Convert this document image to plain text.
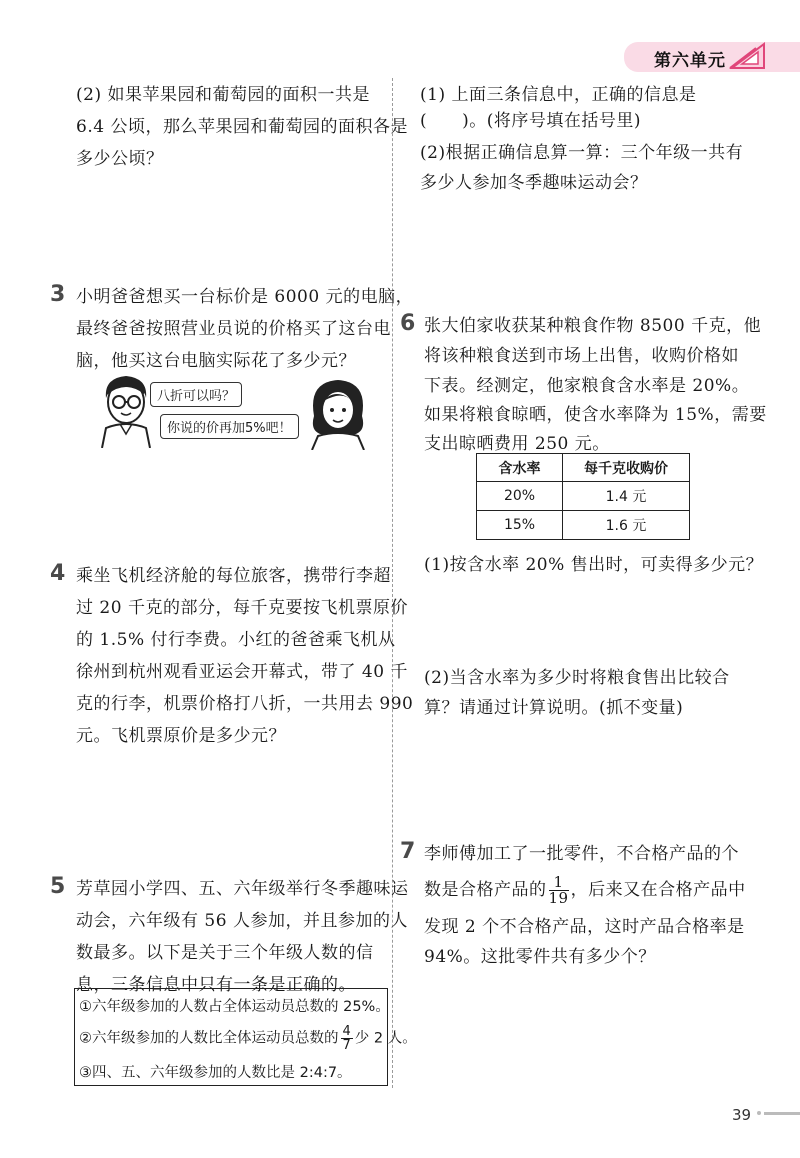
第六单元
(2) 如果苹果园和葡萄园的面积一共是
6.4 公顷，那么苹果园和葡萄园的面积各是
多少公顷？
3 小明爸爸想买一台标价是 6000 元的电脑，
最终爸爸按照营业员说的价格买了这台电
脑，他买这台电脑实际花了多少元？
八折可以吗？
你说的价再加5%吧！
4 乘坐飞机经济舱的每位旅客，携带行李超
过 20 千克的部分，每千克要按飞机票原价
的 1.5% 付行李费。小红的爸爸乘飞机从
徐州到杭州观看亚运会开幕式，带了 40 千
克的行李，机票价格打八折，一共用去 990
元。飞机票原价是多少元？
5 芳草园小学四、五、六年级举行冬季趣味运
动会，六年级有 56 人参加，并且参加的人
数最多。以下是关于三个年级人数的信
息，三条信息中只有一条是正确的。
①六年级参加的人数占全体运动员总数的 25%。
②六年级参加的人数比全体运动员总数的 $\frac{4}{7}$ 少 2 人。
③四、五、六年级参加的人数比是 2:4:7。
(1) 上面三条信息中，正确的信息是
(　　)。(将序号填在括号里)
(2)根据正确信息算一算：三个年级一共有
多少人参加冬季趣味运动会？
6 张大伯家收获某种粮食作物 8500 千克，他
将该种粮食送到市场上出售，收购价格如
下表。经测定，他家粮食含水率是 20%。
如果将粮食晾晒，使含水率降为 15%，需要
支出晾晒费用 250 元。
含水率	每千克收购价
20%	1.4 元
15%	1.6 元
(1)按含水率 20% 售出时，可卖得多少元？
(2)当含水率为多少时将粮食售出比较合
算？请通过计算说明。(抓不变量)
7 李师傅加工了一批零件，不合格产品的个
数是合格产品的 $\frac{1}{19}$ ，后来又在合格产品中
发现 2 个不合格产品，这时产品合格率是
94%。这批零件共有多少个？
39
